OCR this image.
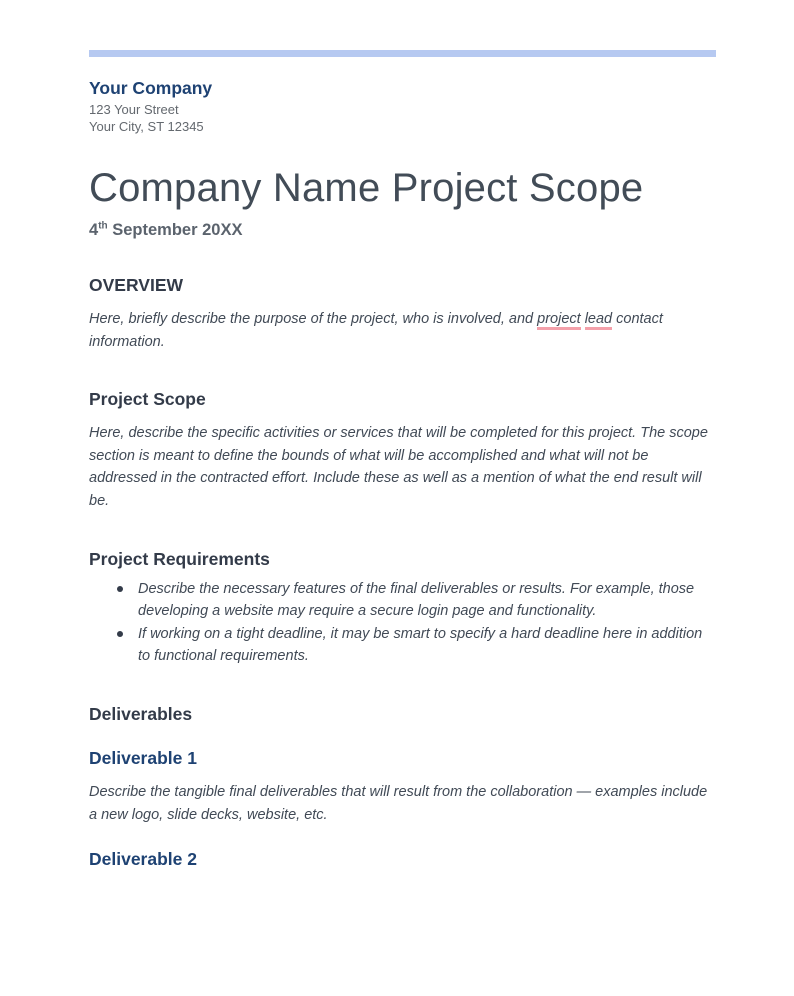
Your Company
123 Your Street
Your City, ST 12345
Company Name Project Scope
4th September 20XX
OVERVIEW

Here, briefly describe the purpose of the project, who is involved, and project lead contact information.

Project Scope

Here, describe the specific activities or services that will be completed for this project. The scope section is meant to define the bounds of what will be accomplished and what will not be addressed in the contracted effort. Include these as well as a mention of what the end result will be.

Project Requirements
Describe the necessary features of the final deliverables or results. For example, those developing a website may require a secure login page and functionality.
If working on a tight deadline, it may be smart to specify a hard deadline here in addition to functional requirements.
Deliverables
Deliverable 1

Describe the tangible final deliverables that will result from the collaboration — examples include a new logo, slide decks, website, etc.

Deliverable 2
